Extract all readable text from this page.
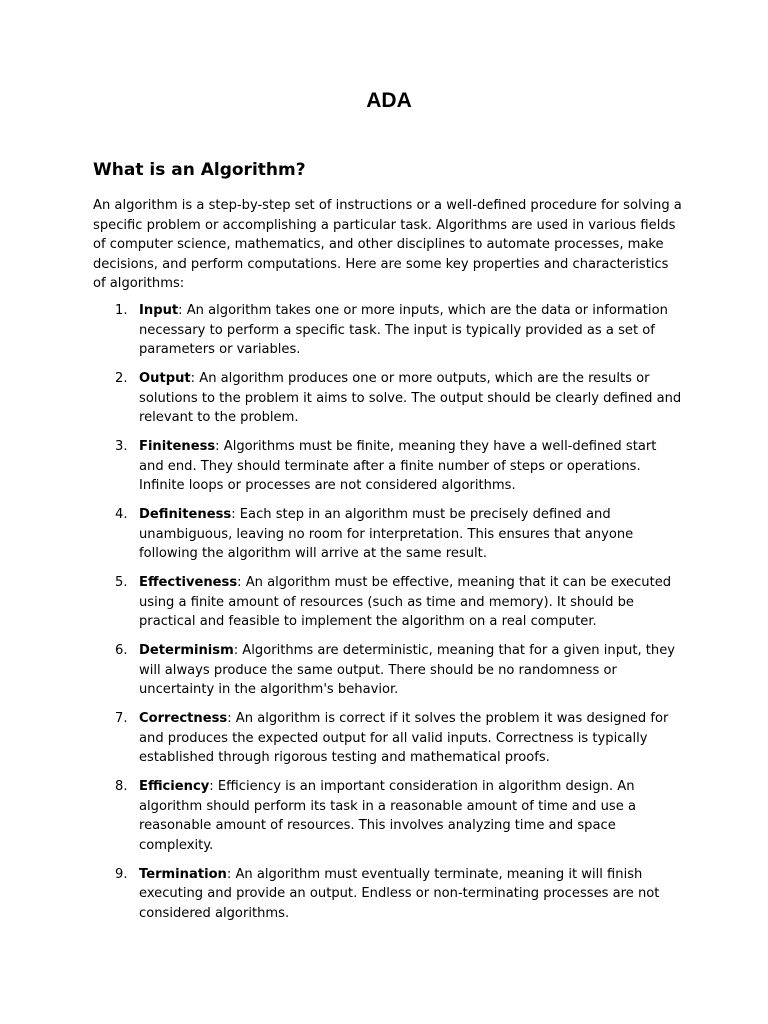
ADA
What is an Algorithm?

An algorithm is a step-by-step set of instructions or a well-defined procedure for solving a specific problem or accomplishing a particular task. Algorithms are used in various fields of computer science, mathematics, and other disciplines to automate processes, make decisions, and perform computations. Here are some key properties and characteristics of algorithms:

1. Input: An algorithm takes one or more inputs, which are the data or information necessary to perform a specific task. The input is typically provided as a set of parameters or variables.
2. Output: An algorithm produces one or more outputs, which are the results or solutions to the problem it aims to solve. The output should be clearly defined and relevant to the problem.
3. Finiteness: Algorithms must be finite, meaning they have a well-defined start and end. They should terminate after a finite number of steps or operations. Infinite loops or processes are not considered algorithms.
4. Definiteness: Each step in an algorithm must be precisely defined and unambiguous, leaving no room for interpretation. This ensures that anyone following the algorithm will arrive at the same result.
5. Effectiveness: An algorithm must be effective, meaning that it can be executed using a finite amount of resources (such as time and memory). It should be practical and feasible to implement the algorithm on a real computer.
6. Determinism: Algorithms are deterministic, meaning that for a given input, they will always produce the same output. There should be no randomness or uncertainty in the algorithm's behavior.
7. Correctness: An algorithm is correct if it solves the problem it was designed for and produces the expected output for all valid inputs. Correctness is typically established through rigorous testing and mathematical proofs.
8. Efficiency: Efficiency is an important consideration in algorithm design. An algorithm should perform its task in a reasonable amount of time and use a reasonable amount of resources. This involves analyzing time and space complexity.
9. Termination: An algorithm must eventually terminate, meaning it will finish executing and provide an output. Endless or non-terminating processes are not considered algorithms.
